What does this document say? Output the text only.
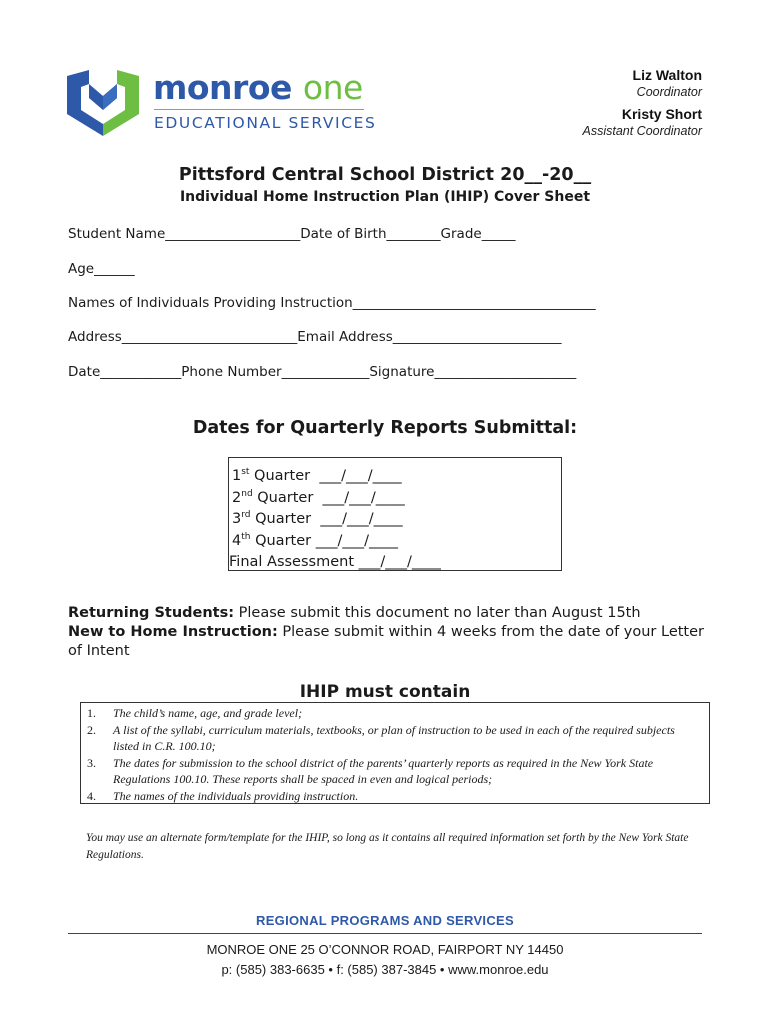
monroe one
EDUCATIONAL SERVICES
Liz Walton
Coordinator
Kristy Short
Assistant Coordinator
Pittsford Central School District 20__-20__
Individual Home Instruction Plan (IHIP) Cover Sheet
Student Name____________________Date of Birth________Grade_____
Age______
Names of Individuals Providing Instruction____________________________________
Address__________________________Email Address_________________________
Date____________Phone Number_____________Signature_____________________
Dates for Quarterly Reports Submittal:
1st Quarter ___/___/____
2nd Quarter ___/___/____
3rd Quarter ___/___/____
4th Quarter ___/___/____
Final Assessment ___/___/____
Returning Students: Please submit this document no later than August 15th
New to Home Instruction: Please submit within 4 weeks from the date of your Letter of Intent
IHIP must contain
1. The child’s name, age, and grade level;
2. A list of the syllabi, curriculum materials, textbooks, or plan of instruction to be used in each of the required subjects listed in C.R. 100.10;
3. The dates for submission to the school district of the parents’ quarterly reports as required in the New York State Regulations 100.10. These reports shall be spaced in even and logical periods;
4. The names of the individuals providing instruction.
You may use an alternate form/template for the IHIP, so long as it contains all required information set forth by the New York State Regulations.
REGIONAL PROGRAMS AND SERVICES
MONROE ONE 25 O’CONNOR ROAD, FAIRPORT NY 14450
p: (585) 383-6635 • f: (585) 387-3845 • www.monroe.edu
